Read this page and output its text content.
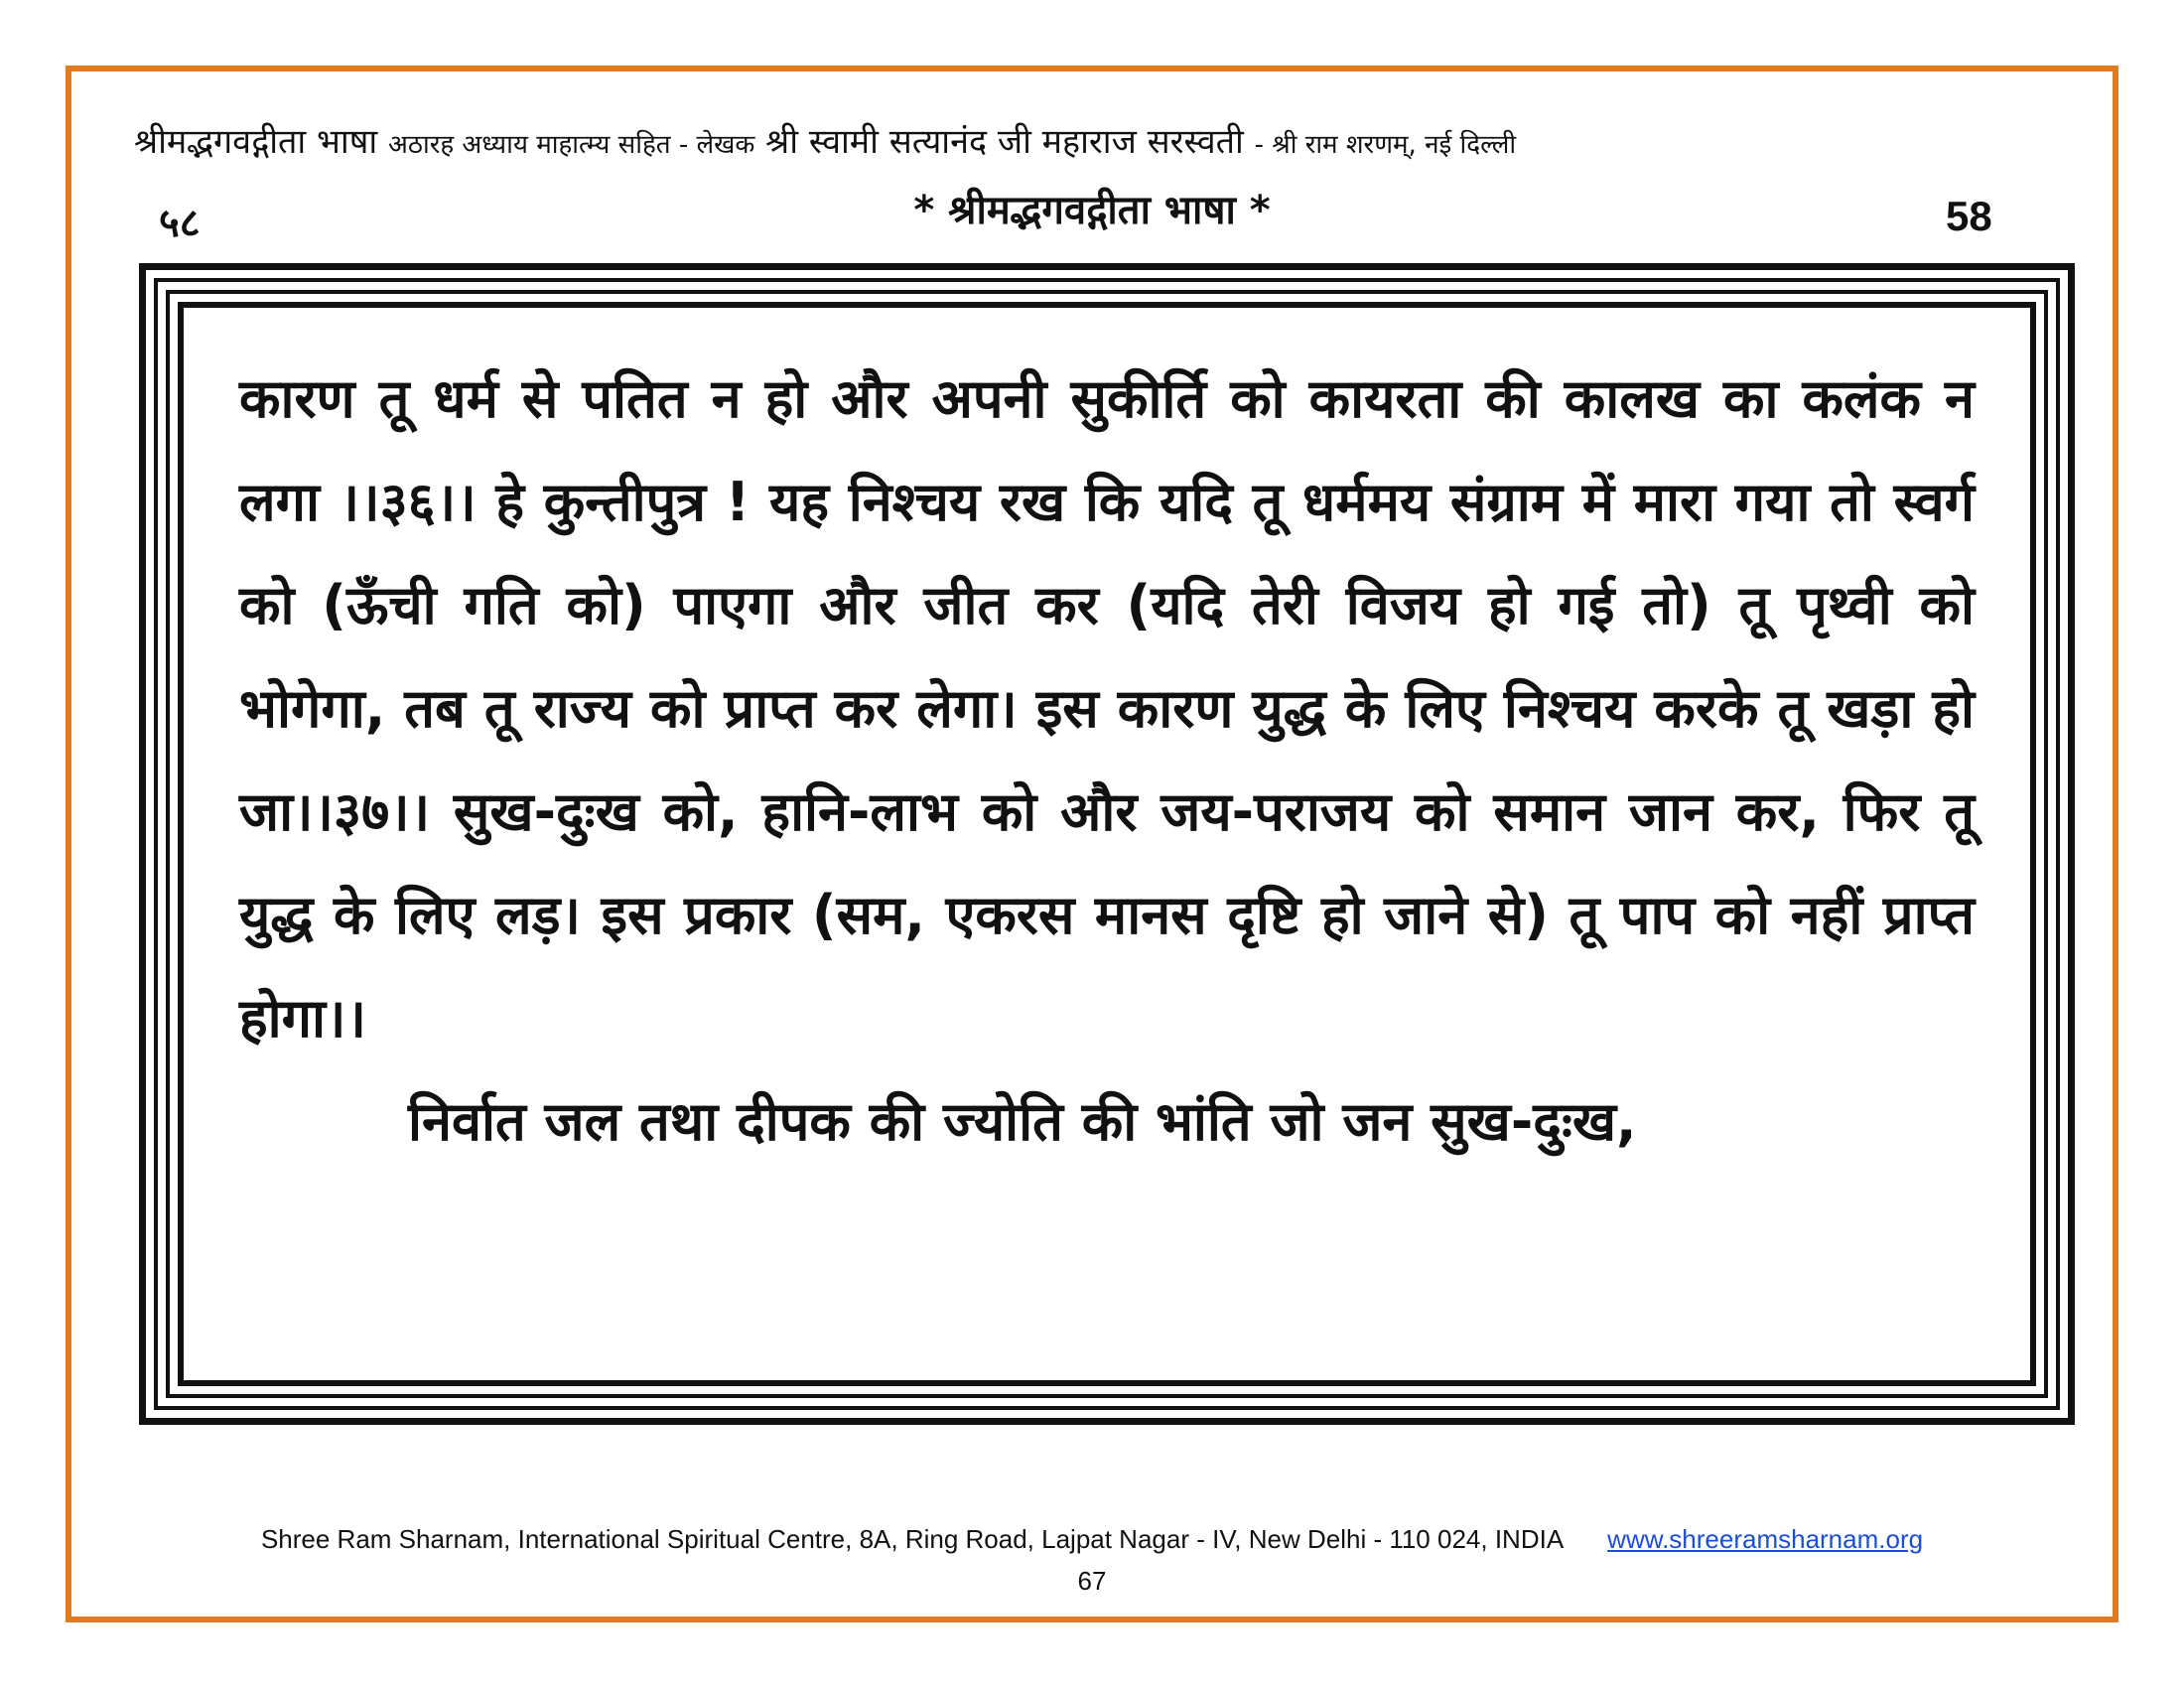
श्रीमद्भगवद्गीता भाषा अठारह अध्याय माहात्म्य सहित - लेखक श्री स्वामी सत्यानंद जी महाराज सरस्वती - श्री राम शरणम्, नई दिल्ली
५८	* श्रीमद्भगवद्गीता भाषा *	58

कारण तू धर्म से पतित न हो और अपनी सुकीर्ति को कायरता की कालख का कलंक न लगा ।।३६।। हे कुन्तीपुत्र ! यह निश्चय रख कि यदि तू धर्ममय संग्राम में मारा गया तो स्वर्ग को (ऊँची गति को) पाएगा और जीत कर (यदि तेरी विजय हो गई तो) तू पृथ्वी को भोगेगा, तब तू राज्य को प्राप्त कर लेगा। इस कारण युद्ध के लिए निश्चय करके तू खड़ा हो जा।।३७।। सुख-दुःख को, हानि-लाभ को और जय-पराजय को समान जान कर, फिर तू युद्ध के लिए लड़। इस प्रकार (सम, एकरस मानस दृष्टि हो जाने से) तू पाप को नहीं प्राप्त होगा।।

निर्वात जल तथा दीपक की ज्योति की भांति जो जन सुख-दुःख,

Shree Ram Sharnam, International Spiritual Centre, 8A, Ring Road, Lajpat Nagar - IV, New Delhi - 110 024, INDIA www.shreeramsharnam.org
67
